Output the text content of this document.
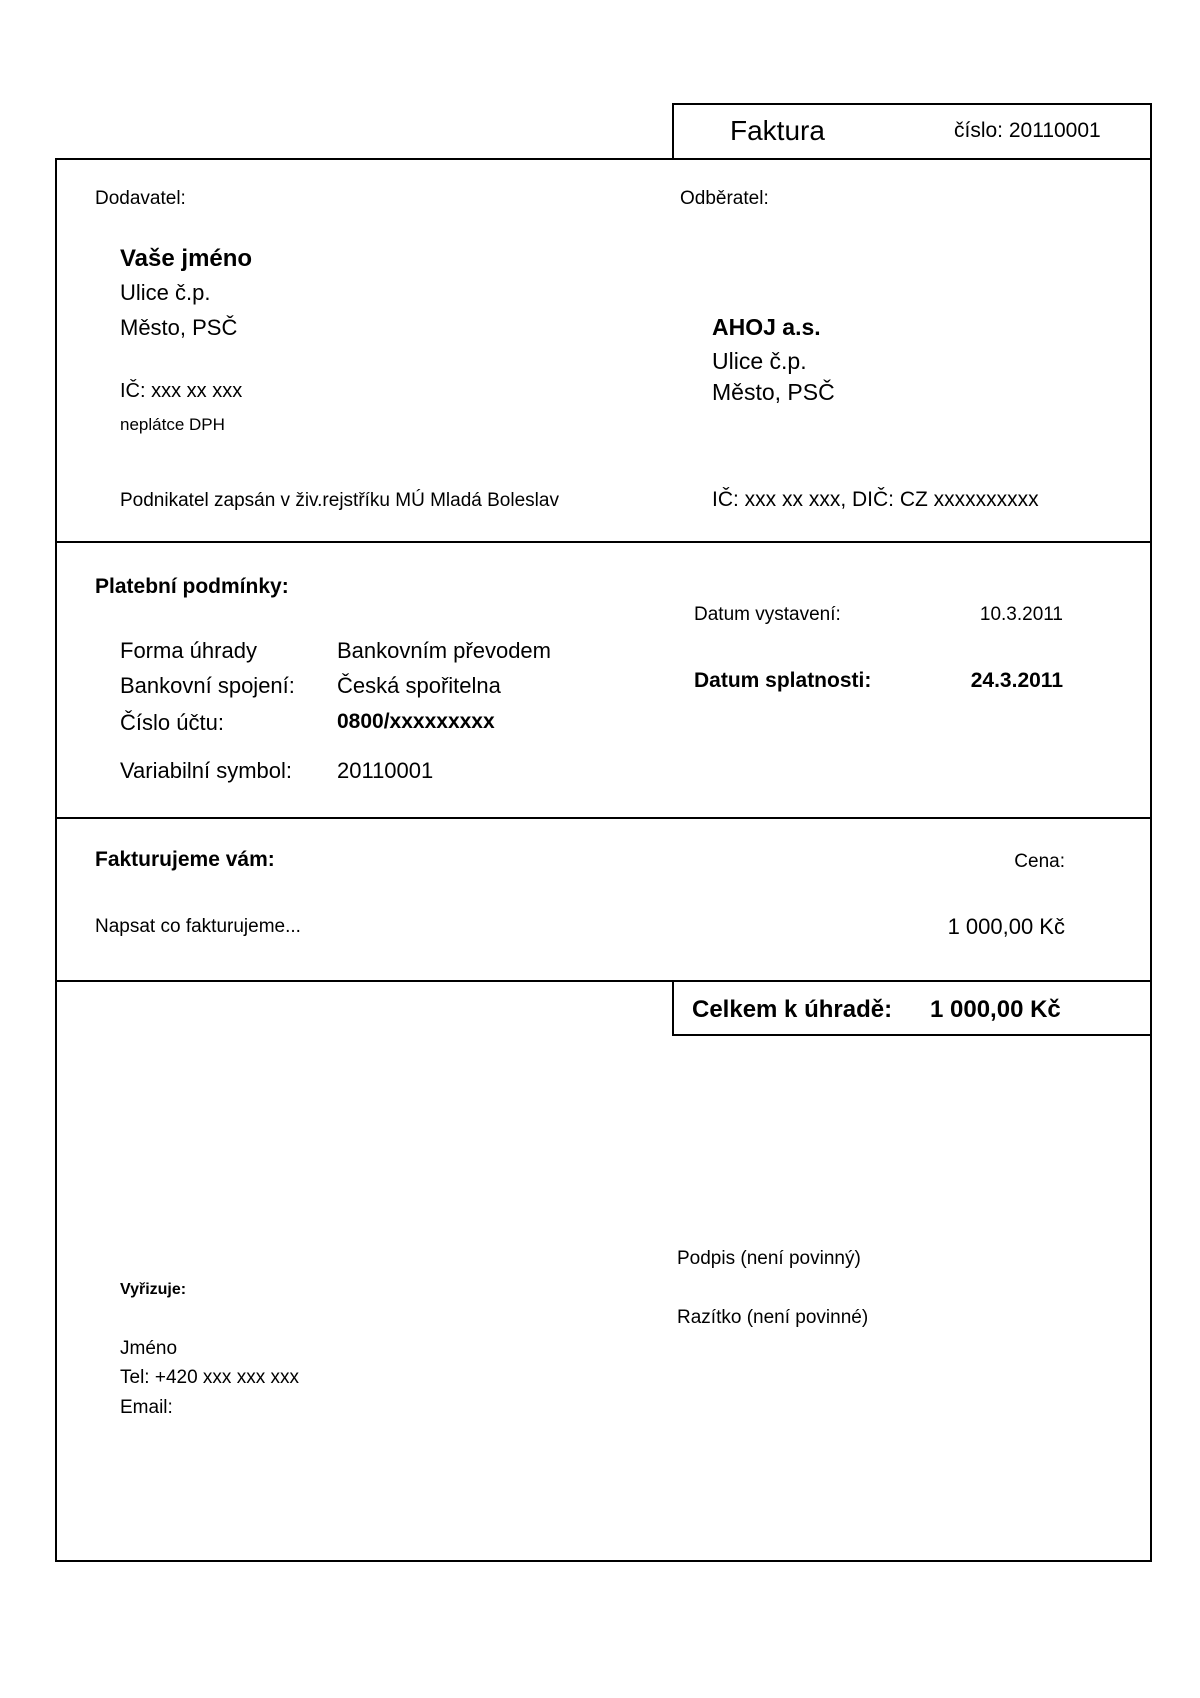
Faktura	číslo: 20110001
Dodavatel:
Vaše jméno
Ulice č.p.
Město, PSČ
IČ: xxx xx xxx
neplátce DPH
Podnikatel zapsán v živ.rejstříku MÚ Mladá Boleslav
Odběratel:
AHOJ a.s.
Ulice č.p.
Město, PSČ
IČ: xxx xx xxx, DIČ: CZ xxxxxxxxxx
Platební podmínky:
Forma úhrady	Bankovním převodem
Bankovní spojení: Česká spořitelna
Číslo účtu:	0800/xxxxxxxxx
Variabilní symbol: 20110001
Datum vystavení:	10.3.2011
Datum splatnosti:	24.3.2011
Fakturujeme vám:	Cena:
Napsat co fakturujeme...	1 000,00 Kč
Celkem k úhradě: 1 000,00 Kč
Podpis (není povinný)
Razítko (není povinné)
Vyřizuje:
Jméno
Tel: +420 xxx xxx xxx
Email:
